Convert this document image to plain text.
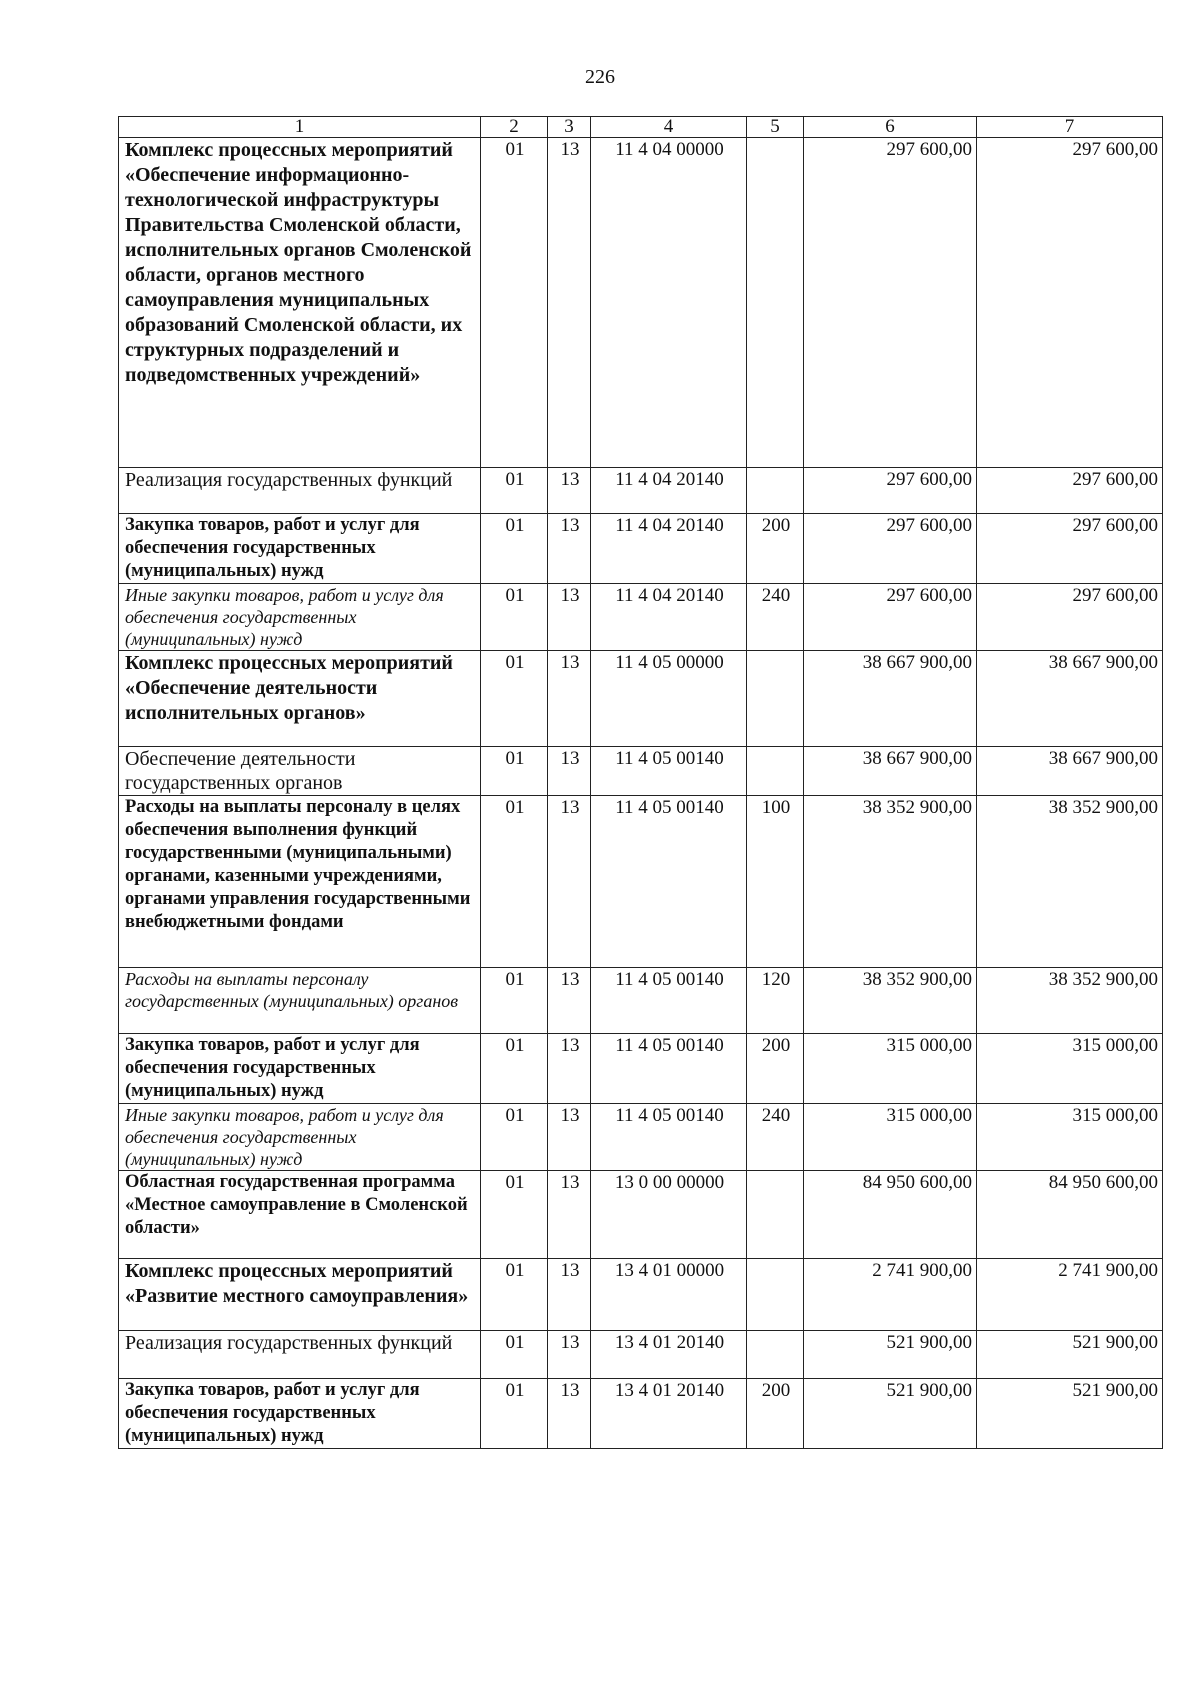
226
1	2	3	4	5	6	7
Комплекс процессных мероприятий «Обеспечение информационно-технологической инфраструктуры Правительства Смоленской области, исполнительных органов Смоленской области, органов местного самоуправления муниципальных образований Смоленской области, их структурных подразделений и подведомственных учреждений»	01	13	11 4 04 00000		297 600,00	297 600,00
Реализация государственных функций	01	13	11 4 04 20140		297 600,00	297 600,00
Закупка товаров, работ и услуг для обеспечения государственных (муниципальных) нужд	01	13	11 4 04 20140	200	297 600,00	297 600,00
Иные закупки товаров, работ и услуг для обеспечения государственных (муниципальных) нужд	01	13	11 4 04 20140	240	297 600,00	297 600,00
Комплекс процессных мероприятий «Обеспечение деятельности исполнительных органов»	01	13	11 4 05 00000		38 667 900,00	38 667 900,00
Обеспечение деятельности государственных органов	01	13	11 4 05 00140		38 667 900,00	38 667 900,00
Расходы на выплаты персоналу в целях обеспечения выполнения функций государственными (муниципальными) органами, казенными учреждениями, органами управления государственными внебюджетными фондами	01	13	11 4 05 00140	100	38 352 900,00	38 352 900,00
Расходы на выплаты персоналу государственных (муниципальных) органов	01	13	11 4 05 00140	120	38 352 900,00	38 352 900,00
Закупка товаров, работ и услуг для обеспечения государственных (муниципальных) нужд	01	13	11 4 05 00140	200	315 000,00	315 000,00
Иные закупки товаров, работ и услуг для обеспечения государственных (муниципальных) нужд	01	13	11 4 05 00140	240	315 000,00	315 000,00
Областная государственная программа «Местное самоуправление в Смоленской области»	01	13	13 0 00 00000		84 950 600,00	84 950 600,00
Комплекс процессных мероприятий «Развитие местного самоуправления»	01	13	13 4 01 00000		2 741 900,00	2 741 900,00
Реализация государственных функций	01	13	13 4 01 20140		521 900,00	521 900,00
Закупка товаров, работ и услуг для обеспечения государственных (муниципальных) нужд	01	13	13 4 01 20140	200	521 900,00	521 900,00
